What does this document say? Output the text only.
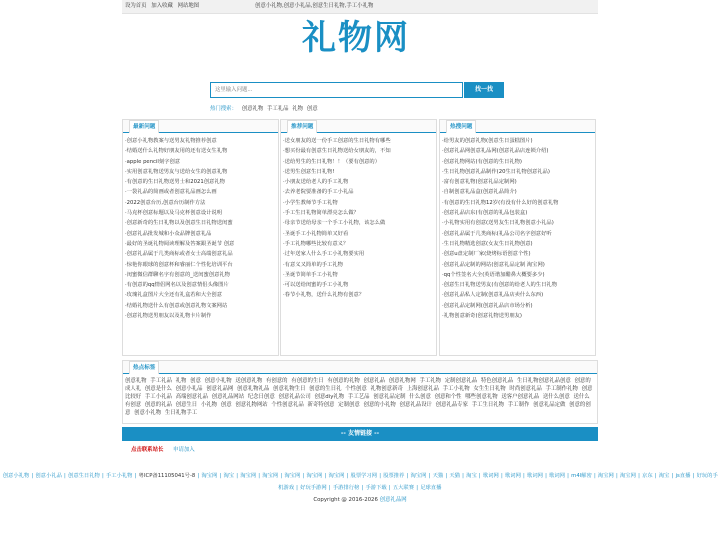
设为首页 加入收藏 网站地图	创意小礼物,创意小礼品,创意生日礼物,手工小礼物
礼物网
这里输入问题...
找一找
热门搜索： 创意礼物 手工礼品 礼物 创意
最新问题
·创意小礼物教案与送男友礼物推荐创意
·结婚送什么礼物好朋友用的还有送女生礼物
·apple pencil刻字创意
·实用创意礼物送男友与送给女生的创意礼物
·有创意的生日礼物送男士和2021创意礼物
·一袋礼品的简画或者创意礼品画怎么画
·2022创意台历,创意台历制作方法
·马克杯创意标题以及马克杯创意设计说明
·创意新奇的生日礼物以及创意生日礼物送闺蜜
·创意礼品批发城和小众品牌创意礼品
·最好的圣诞礼物阅读理解及答案跟圣诞节 创意
·创意礼品属于几类商标或者女士高端创意礼品
·惊艳你眼球的创意杯和睿丽仁个性化培训平台
·闺蜜微信群聊名字有创意的_送闺蜜创意礼物
·有创意的qq情侣网名以及创意情侣头像图片
·玫瑰礼盒图片大全还有礼盒若和大全创意
·结婚礼物送什么有创意或创意礼物文案网站
·创意礼物送男朋友以及礼物卡片制作
推荐问题
·送女朋友的送一份手工创意的生日礼物有哪些
·想买份最有创意生日礼物送给女朋友的，不知
·送给男生的生日礼物！！（要有创意的）
·送男生创意生日礼物!
·小朋友送给老人的手工礼物
·去养老院要准备的手工小礼品
·小学生教师节手工礼物
·手工生日礼物简单漂亮怎么做？
·母亲节送给母亲一个手工小礼物，该怎么做
·圣诞手工小礼物简单又好看
·手工礼物哪些比较有意义？
·过年送家人什么手工小礼物要实用
·有意义又简单的手工礼物
·圣诞节简单手工小礼物
·可以送给闺蜜的手工小礼物
·春节小礼物，送什么礼物有创意？
热搜问题
·给男友的创意礼物(创意生日蛋糕图片)
·创意礼品网创意礼品网(创意礼品店连锁介绍)
·创意礼物网站(有创意的生日礼物)
·生日礼物创意礼品制作(20生日礼物创意礼品)
·富有创意礼物(创意礼品定制网)
·自制创意礼品盒(创意礼品简介)
·有创意的生日礼物12岁(有没有什么好的创意礼物
·创意礼品店东(有创意的礼品包装盒)
·小礼物实用有创意(送男友生日礼物创意小礼品)
·创意礼品属于几类商标(礼品公司名字创意好听
·生日礼物精选创意(女友生日礼物创意)
·创意u盘定制厂家(烧烤标语创意个性)
·创意礼品定制的网站(创意礼品定制 淘宝网)
·qq个性签名大全(英语谐加醋鼻大概要多少)
·创意生日礼物送男友(有创意的给老人的生日礼物
·创意礼品私人定制(创意礼品店卖什么东西)
·创意礼品定制网(创意礼品店市场分析)
·礼物创意新奇(创意礼物送男朋友)
热点标签
创意礼物 手工礼品 礼物 创意 创意小礼物 送创意礼物 有创意的 有创意的生日 有创意的礼物 创意礼品 创意礼物网 手工礼物 定制创意礼品 特色创意礼品 生日礼物创意礼品创意 创意的成人礼 创意是什么 创意小礼品 创意礼品网 创意礼物礼品 创意礼物生日 创意的生日礼 个性创意 礼物创意新奇 上海创意礼品 手工小礼物 女生生日礼物 时尚创意礼品 手工制作礼物 创意比较好 手工小礼品 高端创意礼品 创意礼品网站 纪念日创意 创意礼品公司 创意diy礼物 手工艺品 创意礼品定制 什么创意 创意和个性 哪些创意礼物 送客户创意礼品 送什么创意 送什么有创意 创意的礼品 创意生日 小礼物 创意 创意礼物网站 个性创意礼品 新奇特创意 定制创意 创意的小礼物 创意礼品设计 创意礼品专家 手工生日礼物 手工制作 创意礼品定做 创意的创意 创意小礼物 生日礼物手工
-- 友情链接 --
点击联系站长 申请加入
创意小礼物 | 创意小礼品 | 创意生日礼物 | 手工小礼物 | 粤ICP备11105041号-8 | 淘宝网 | 淘宝 | 淘宝网 | 淘宝网 | 淘宝网 | 淘宝网 | 淘宝网 | 股票学习网 | 股票推荐 | 淘宝网 | 天猫 | 天猫 | 淘宝 | 歌词网 | 歌词网 | 歌词网 | 歌词网 | m4l解密 | 淘宝网 | 淘宝网 | 京东 | 淘宝 | js直播 | 好玩的手机游戏 | 好玩手游网 | 手游排行榜 | 手游下载 | 五大联赛 | 足球直播
Copyright @ 2016-2026 创意礼品网
